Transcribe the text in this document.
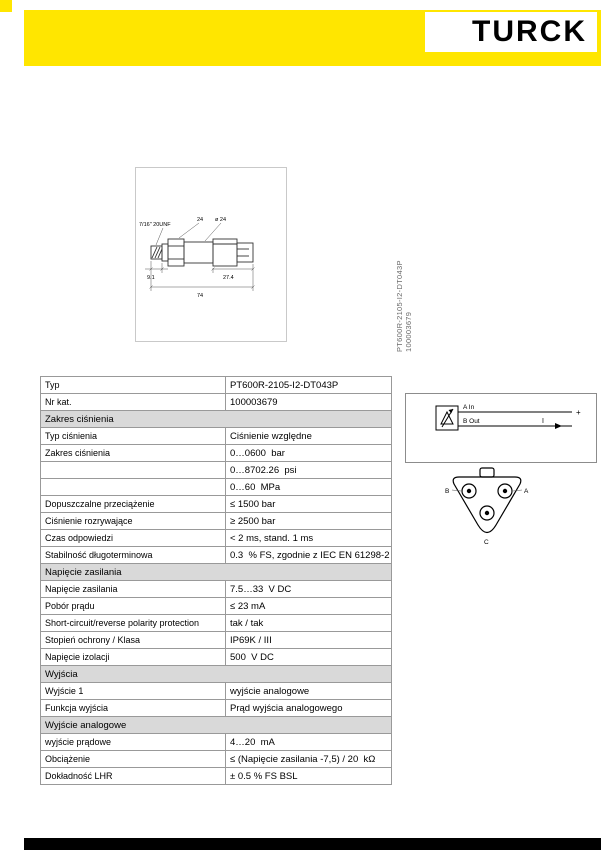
TURCK
7/16" 20UNF
24 ø 24
9.1	27.4
74	PT600R-2105-I2-DT043P 100003679
Typ	PT600R-2105-I2-DT043P
Nr kat.	100003679
Zakres ciśnienia	
Typ ciśnienia	Ciśnienie względne
Zakres ciśnienia	0…0600  bar
	0…8702.26  psi
	0…60  MPa
Dopuszczalne przeciążenie	≤ 1500 bar
Ciśnienie rozrywające	≥ 2500 bar
Czas odpowiedzi	< 2 ms, stand. 1 ms
Stabilność długoterminowa	0.3  % FS, zgodnie z IEC EN 61298-2
Napięcie zasilania	
Napięcie zasilania	7.5…33  V DC
Pobór prądu	≤ 23 mA
Short-circuit/reverse polarity protection	tak / tak
Stopień ochrony / Klasa	IP69K / III
Napięcie izolacji	500  V DC
Wyjścia	
Wyjście 1	wyjście analogowe
Funkcja wyjścia	Prąd wyjścia analogowego
Wyjście analogowe	
wyjście prądowe	4…20  mA
Obciążenie	≤ (Napięcie zasilania -7,5) / 20  kΩ
Dokładność LHR	± 0.5 % FS BSL
A In
+
B Out	I
B	A
C
